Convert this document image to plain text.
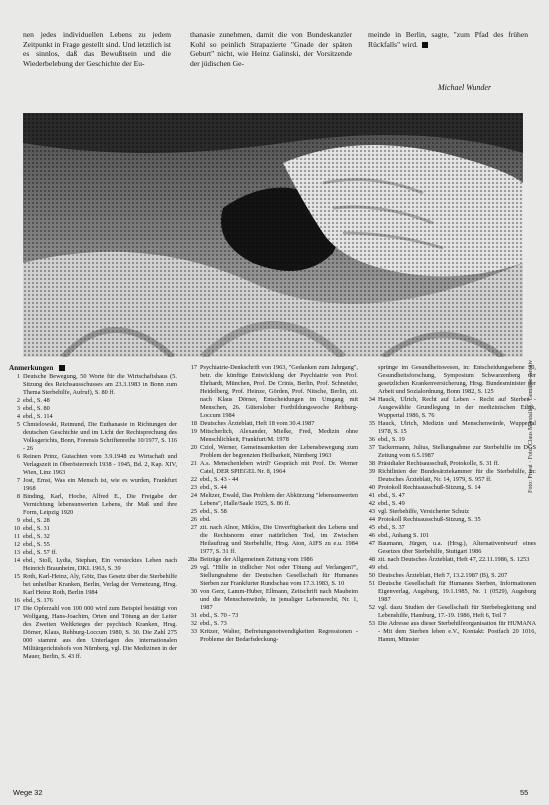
nen jedes individuellen Lebens zu jedem Zeitpunkt in Frage gestellt sind. Und letztlich ist es sinnlos, daß das Bewußtsein und die Wiederbelebung der Geschichte der Eu-
thanasie zunehmen, damit die von Bundeskanzler Kohl so peinlich Strapazierte "Gnade der späten Geburt" nicht, wie Heinz Galinski, der Vorsitzende der jüdischen Ge-
meinde in Berlin, sagte, "zum Pfad des frühen Rückfalls" wird.
Michael Wunder
Foto: Privat · Foto: Claus Marstaller · Gemälde-Archiv
Anmerkungen
1 Deutsche Bewegung, 50 Worte für die Wirtschaftshaus (5. Sitzung des Reichsausschusses am 23.3.1983 in Bonn zum Thema Sterbehilfe, Aufruf), S. 80 ff.
2 ebd., S. 48
3 ebd., S. 80
4 ebd., S. 114
5 Chmielowski, Reimund, Die Euthanasie in Richtungen der deutschen Geschichte und im Licht der Rechtsprechung des Volksgerichts, Bonn, Forensis Schriftenreihe 10/1977, S. 116 - 26
6 Reinen Prinz, Gutachten vom 3.9.1948 zu Wirtschaft und Verlagszeit in Oberösterreich 1938 - 1945, Bd. 2, Kap. XIV, Wien, Linz 1963
7 Jost, Ernst, Was ein Mensch ist, wie es wurden, Frankfurt 1968
8 Binding, Karl, Hoche, Alfred E., Die Freigabe der Vernichtung lebensunwerten Lebens, ihr Maß und ihre Form, Leipzig 1920
9 ebd., S. 28
10 ebd., S. 31
11 ebd., S. 32
12 ebd., S. 55
13 ebd., S. 57 ff.
14 ebd., Stoll, Lydia, Stephan, Ein verstecktes Leben nach Heinrich Braunheim, DKL 1963, S. 39
15 Roth, Karl-Heinz, Aly, Götz, Das Gesetz über die Sterbehilfe bei unheilbar Kranken, Berlin, Verlag der Vernetzung, Hrsg. Karl Heinz Roth, Berlin 1984
16 ebd., S. 176
17 Die Opferzahl von 100 000 wird zum Beispiel bestätigt von Wolfgang, Hans-Joachim, Orten und Tötung an der Leiter des Zweiten Weltkrieges der psychisch Kranken, Hrsg. Dörner, Klaus, Rehburg-Loccum 1980, S. 30. Die Zahl 275 000 stammt aus den Unterlagen des internationalen Militärgerichtshofs von Nürnberg, vgl. Die Medizinen in der Mauer, Berlin, S. 43 ff.
17 Psychiatrie-Denkschrift von 1963, "Gedanken zum Jahrgang", betr. die künftige Entwicklung der Psychiatrie von Prof. Ehrhardt, München, Prof. De Crinis, Berlin, Prof. Schneider, Heidelberg, Prof. Heinze, Görden, Prof. Nitsche, Berlin, zit. nach Klaus Dörner, Entscheidungen im Umgang mit Menschen, 26. Gütersloher Fortbildungswoche Rehburg-Loccum 1984
18 Deutsches Ärzteblatt, Heft 18 vom 30.4.1987
19 Mitscherlich, Alexander, Mielke, Fred, Medizin ohne Menschlichkeit, Frankfurt/M. 1978
20 Cziol, Werner, Gemeinsamkeiten der Lebensbewegung zum Problem der begrenzten Heilbarkeit, Nürnberg 1963
21 A.s. Menschenleben wird? Gespräch mit Prof. Dr. Werner Catel, DER SPIEGEL Nr. 8, 1964
22 ebd., S. 43 - 44
23 ebd., S. 44
24 Meltzer, Ewald, Das Problem der Abkürzung "lebensunwerten Lebens", Halle/Saale 1925, S. 86 ff.
25 ebd., S. 58
26 ebd.
27 zit. nach Alnor, Miklos, Die Unverfügbarkeit des Lebens und die Rechtsnorm einer natürlichen Tod, im Zwischen Heilauftrag und Sterbehilfe, Hrsg. Aton, AIFS zu e.u. 1984 1977, S. 31 ff.
28a Beiträge der Allgemeinen Zeitung vom 1986
29 vgl. "Hilfe in tödlicher Not oder Tötung auf Verlangen?", Stellungnahme der Deutschen Gesellschaft für Humanes Sterben zur Frankfurter Rundschau vom 17.3.1983, S. 10
30 von Gerz, Lamm-Huber, Ellmann, Zeitschrift nach Mauheim und die Menschenwürde, in jemaliger Lebensrecht, Nr. 1, 1987
31 ebd., S. 70 - 73
32 ebd., S. 73
33 Kritzer, Walter, Befreiungsnotwendigkeiten Regressionen - Probleme der Bedarfsdeckung-
sprünge im Gesundheitswesen, in: Entscheidungsebene 30, Gesundheitsforschung, Symposium Schwarzenberg der gesetzlichen Krankenversicherung, Hrsg. Bundesminister der Arbeit und Sozialordnung, Bonn 1982, S. 125
34 Hauck, Ulrich, Recht auf Leben - Recht auf Sterben - Ausgewählte Grundlegung in der medizinischen Ethik, Wuppertal 1986, S. 76
35 Hauck, Ulrich, Medizin und Menschenwürde, Wuppertal 1978, S. 15
36 ebd., S. 19
37 Tackermann, Julius, Stellungnahme zur Sterbehilfe im DGS Zeitung vom 6.5.1987
38 Präsidialer Rechtsausschuß, Protokolle, S. 31 ff.
39 Richtlinien der Bundesärztekammer für die Sterbehilfe, in: Deutsches Ärzteblatt, Nr. 14, 1979, S. 957 ff.
40 Protokoll Rechtsausschuß-Sitzung, S. 14
41 ebd., S. 47
42 ebd., S. 49
43 vgl. Sterbehilfe, Versicherter Schutz
44 Protokoll Rechtsausschuß-Sitzung, S. 35
45 ebd., S. 37
46 ebd., Anhang S. 101
47 Baumann, Jürgen, u.a. (Hrsg.), Alternativentwurf eines Gesetzes über Sterbehilfe, Stuttgart 1986
48 zit. nach Deutsches Ärzteblatt, Heft 47, 22.11.1986, S. 1253
49 ebd.
50 Deutsches Ärzteblatt, Heft 7, 13.2.1987 (B), S. 207
51 Deutsche Gesellschaft für Humanes Sterben, Informationen Eigenverlag, Augsburg, 19.1.1985, Nr. 1 (0529), Augsburg 1987
52 vgl. dazu Studien der Gesellschaft für Sterbebegleitung und Lebenshilfe, Hamburg, 17.-19. 1986, Heft 6, Teil 7
53 Die Adresse aus dieser Sterbehilfeorganisation für HUMANA - Mit dem Sterben leben e.V., Kontakt: Postfach 20 1016, Hamm, Münster
Wege 32	55
